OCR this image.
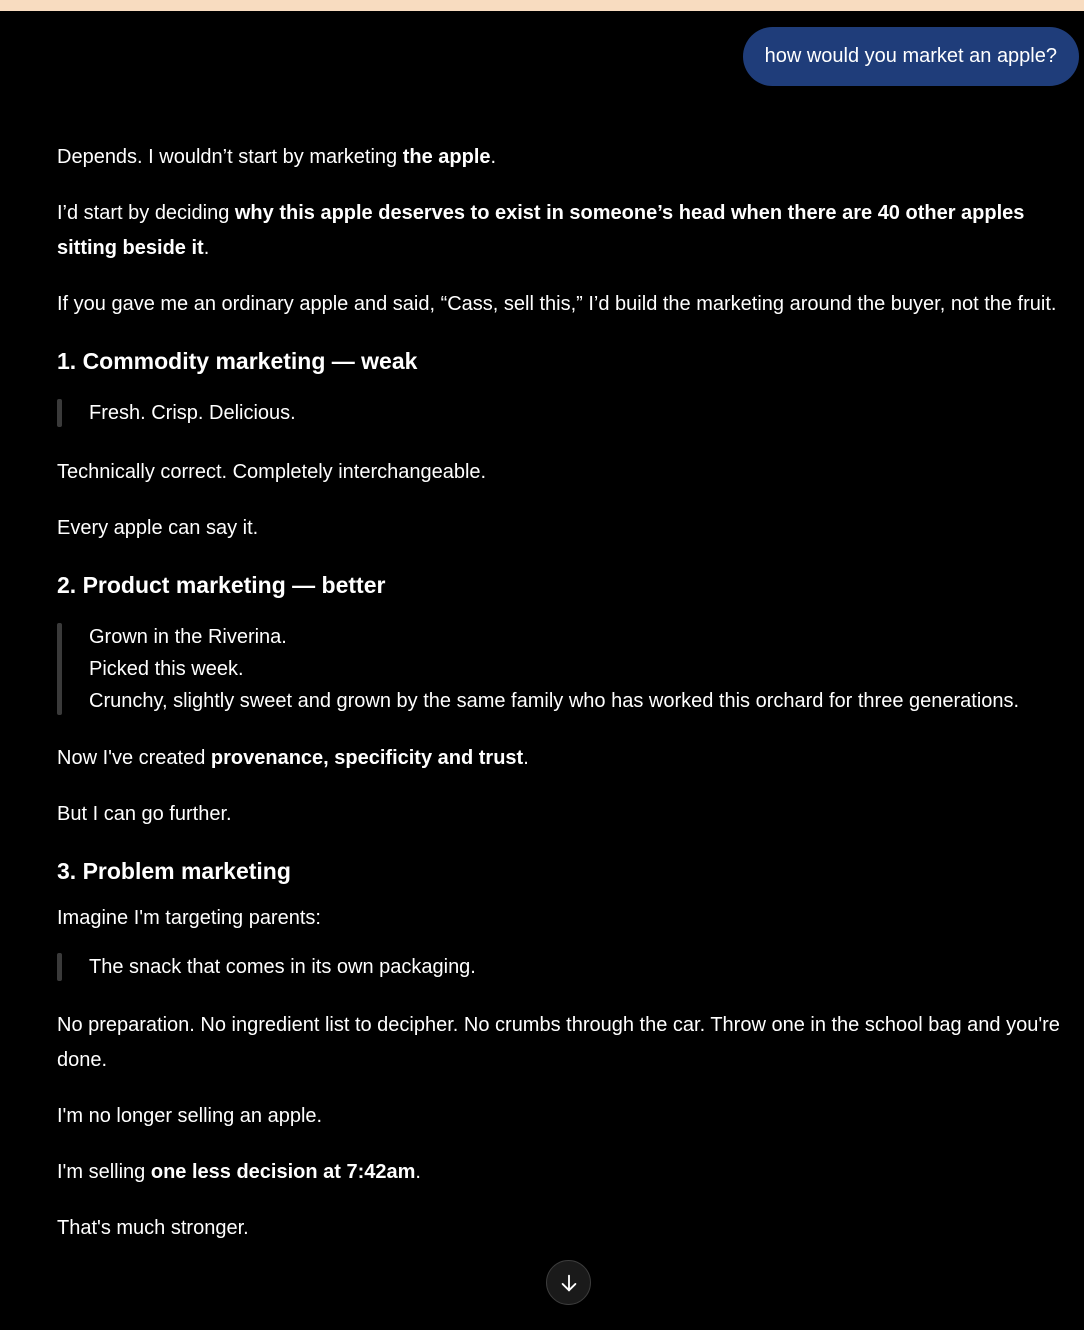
how would you market an apple?

Depends. I wouldn’t start by marketing the apple.

I’d start by deciding why this apple deserves to exist in someone’s head when there are 40 other apples sitting beside it.

If you gave me an ordinary apple and said, “Cass, sell this,” I’d build the marketing around the buyer, not the fruit.

1. Commodity marketing — weak
Fresh. Crisp. Delicious.

Technically correct. Completely interchangeable.

Every apple can say it.

2. Product marketing — better
Grown in the Riverina.
Picked this week.
Crunchy, slightly sweet and grown by the same family who has worked this orchard for three generations.

Now I've created provenance, specificity and trust.

But I can go further.

3. Problem marketing

Imagine I'm targeting parents:

The snack that comes in its own packaging.

No preparation. No ingredient list to decipher. No crumbs through the car. Throw one in the school bag and you're done.

I'm no longer selling an apple.

I'm selling one less decision at 7:42am.

That's much stronger.
